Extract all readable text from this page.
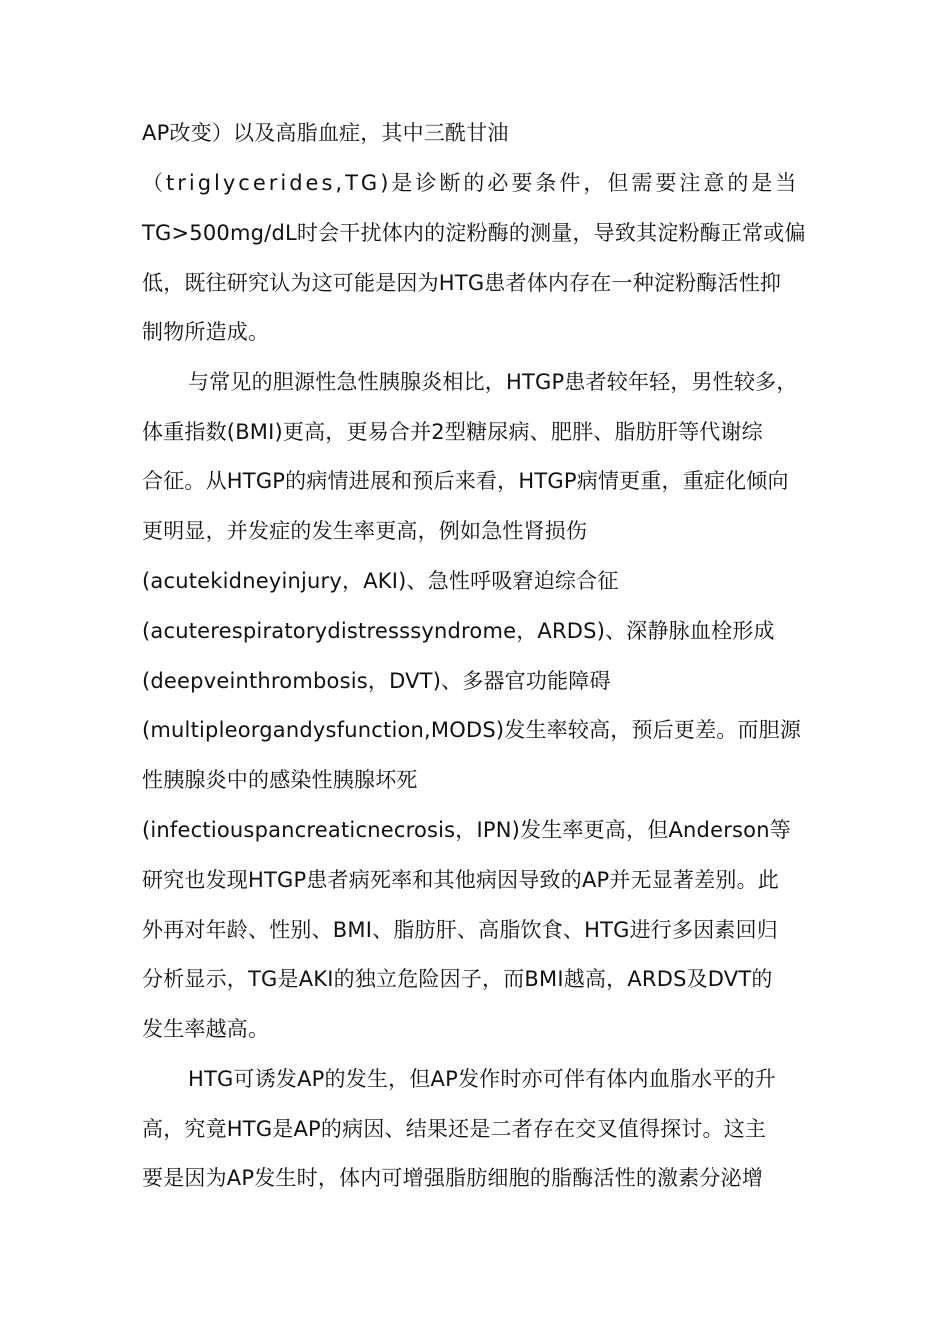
AP改变）以及高脂血症，其中三酰甘油
（triglycerides,TG)是诊断的必要条件，但需要注意的是当
TG>500mg/dL时会干扰体内的淀粉酶的测量，导致其淀粉酶正常或偏
低，既往研究认为这可能是因为HTG患者体内存在一种淀粉酶活性抑
制物所造成。
与常见的胆源性急性胰腺炎相比，HTGP患者较年轻，男性较多，
体重指数(BMI)更高，更易合并2型糖尿病、肥胖、脂肪肝等代谢综
合征。从HTGP的病情进展和预后来看，HTGP病情更重，重症化倾向
更明显，并发症的发生率更高，例如急性肾损伤
(acutekidneyinjury，AKI)、急性呼吸窘迫综合征
(acuterespiratorydistresssyndrome，ARDS)、深静脉血栓形成
(deepveinthrombosis，DVT)、多器官功能障碍
(multipleorgandysfunction,MODS)发生率较高，预后更差。而胆源
性胰腺炎中的感染性胰腺坏死
(infectiouspancreaticnecrosis，IPN)发生率更高，但Anderson等
研究也发现HTGP患者病死率和其他病因导致的AP并无显著差别。此
外再对年龄、性别、BMI、脂肪肝、高脂饮食、HTG进行多因素回归
分析显示，TG是AKI的独立危险因子，而BMI越高，ARDS及DVT的
发生率越高。
HTG可诱发AP的发生，但AP发作时亦可伴有体内血脂水平的升
高，究竟HTG是AP的病因、结果还是二者存在交叉值得探讨。这主
要是因为AP发生时，体内可增强脂肪细胞的脂酶活性的激素分泌增
